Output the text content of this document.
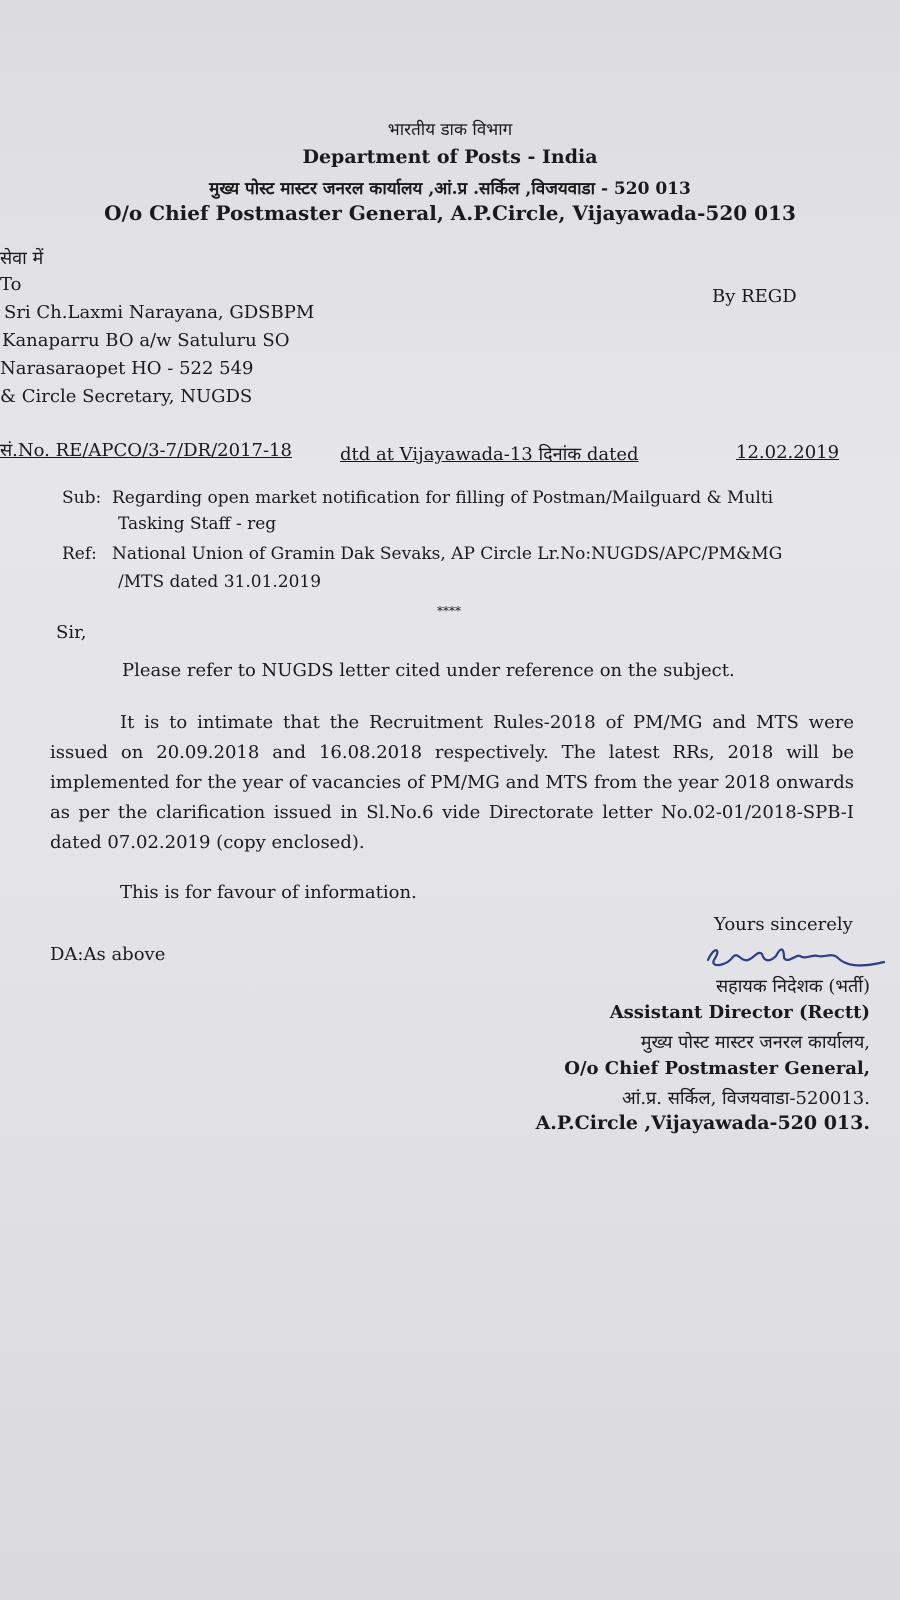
भारतीय डाक विभाग
Department of Posts - India
मुख्य पोस्ट मास्टर जनरल कार्यालय ,आं.प्र .सर्किल ,विजयवाडा - 520 013
O/o Chief Postmaster General, A.P.Circle, Vijayawada-520 013
सेवा में
To
Sri Ch.Laxmi Narayana, GDSBPM
Kanaparru BO a/w Satuluru SO
Narasaraopet HO - 522 549
& Circle Secretary, NUGDS
By REGD
सं.No. RE/APCO/3-7/DR/2017-18	dtd at Vijayawada-13 दिनांक dated	12.02.2019
Sub: Regarding open market notification for filling of Postman/Mailguard & Multi
Tasking Staff - reg
Ref: National Union of Gramin Dak Sevaks, AP Circle Lr.No:NUGDS/APC/PM&MG
/MTS dated 31.01.2019
****
Sir,
Please refer to NUGDS letter cited under reference on the subject.
It is to intimate that the Recruitment Rules-2018 of PM/MG and MTS were issued on 20.09.2018 and 16.08.2018 respectively. The latest RRs, 2018 will be implemented for the year of vacancies of PM/MG and MTS from the year 2018 onwards as per the clarification issued in Sl.No.6 vide Directorate letter No.02-01/2018-SPB-I dated 07.02.2019 (copy enclosed).
This is for favour of information.
DA:As above
Yours sincerely
सहायक निदेशक (भर्ती)
Assistant Director (Rectt)
मुख्य पोस्ट मास्टर जनरल कार्यालय,
O/o Chief Postmaster General,
आं.प्र. सर्किल, विजयवाडा-520013.
A.P.Circle ,Vijayawada-520 013.
